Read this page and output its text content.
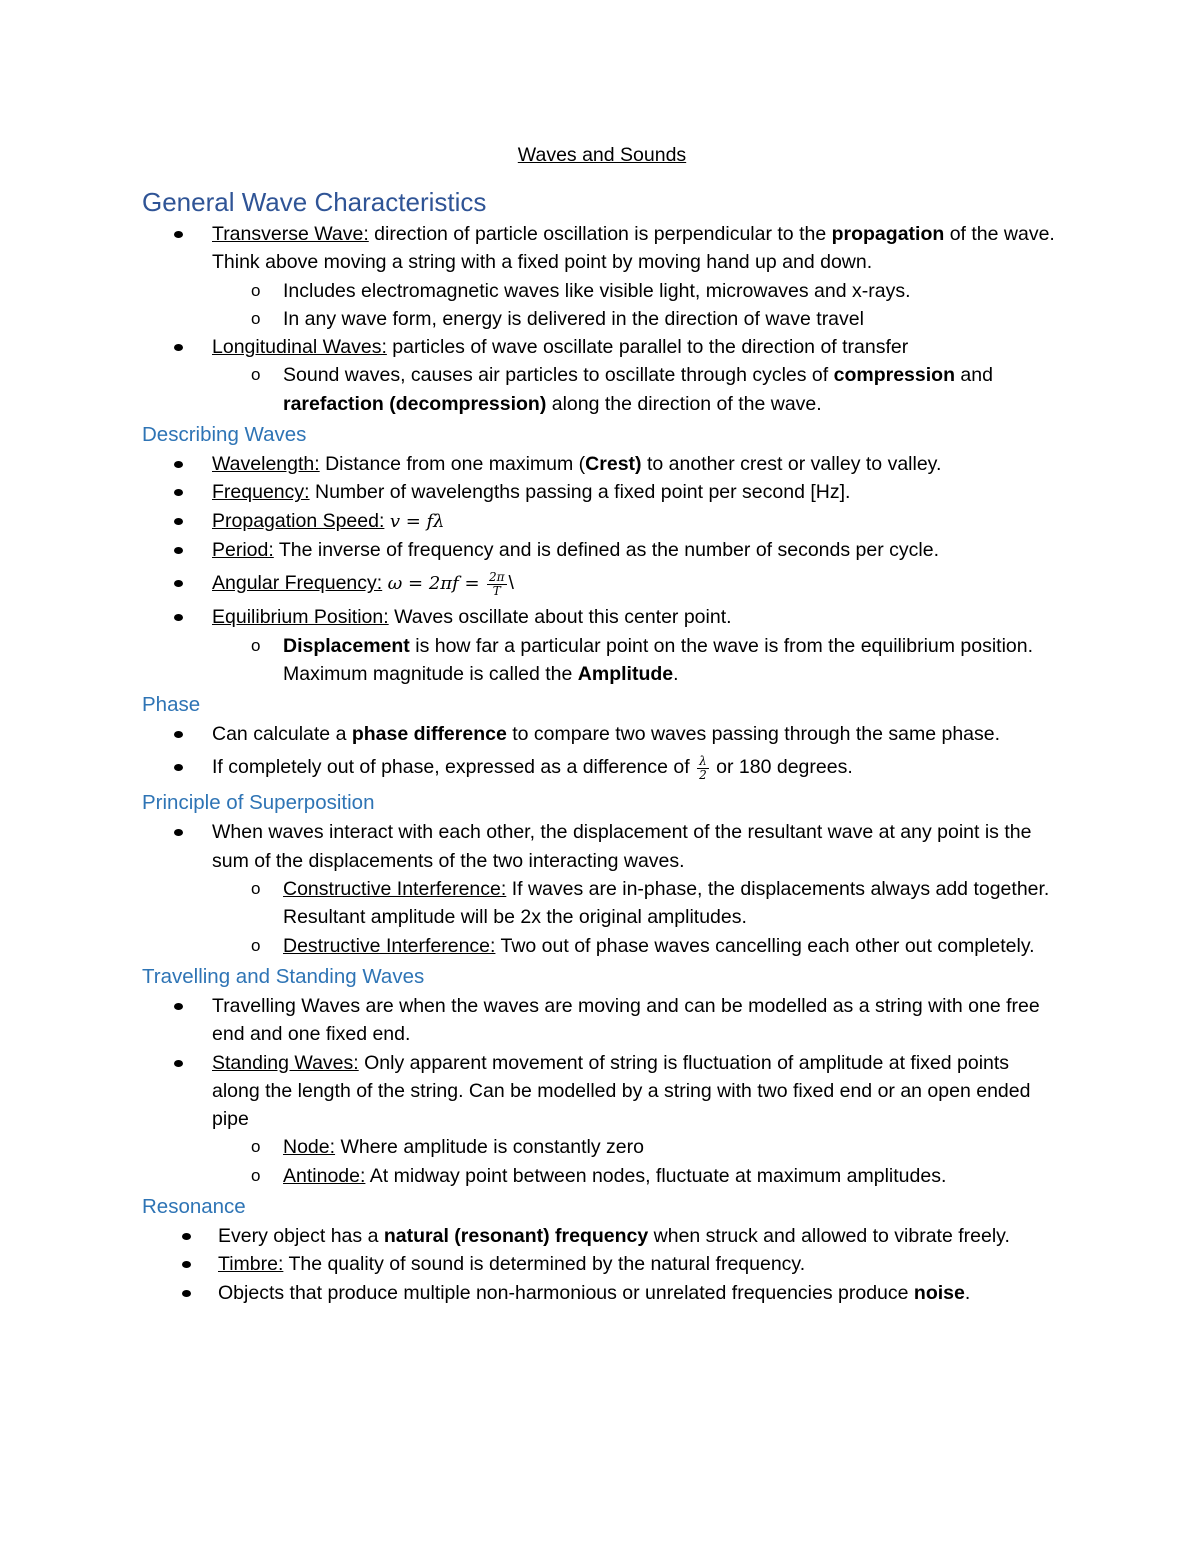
Waves and Sounds
General Wave Characteristics
Transverse Wave: direction of particle oscillation is perpendicular to the propagation of the wave. Think above moving a string with a fixed point by moving hand up and down.
o Includes electromagnetic waves like visible light, microwaves and x-rays.
o In any wave form, energy is delivered in the direction of wave travel
Longitudinal Waves: particles of wave oscillate parallel to the direction of transfer
o Sound waves, causes air particles to oscillate through cycles of compression and rarefaction (decompression) along the direction of the wave.
Describing Waves
Wavelength: Distance from one maximum (Crest) to another crest or valley to valley.
Frequency: Number of wavelengths passing a fixed point per second [Hz].
Propagation Speed: v = fλ
Period: The inverse of frequency and is defined as the number of seconds per cycle.
Angular Frequency: $\omega = 2\pi f = \frac{2\pi}{T}$ \
Equilibrium Position: Waves oscillate about this center point.
o Displacement is how far a particular point on the wave is from the equilibrium position. Maximum magnitude is called the Amplitude.
Phase
Can calculate a phase difference to compare two waves passing through the same phase.
If completely out of phase, expressed as a difference of $\frac{\lambda}{2}$ or 180 degrees.
Principle of Superposition
When waves interact with each other, the displacement of the resultant wave at any point is the sum of the displacements of the two interacting waves.
o Constructive Interference: If waves are in-phase, the displacements always add together. Resultant amplitude will be 2x the original amplitudes.
o Destructive Interference: Two out of phase waves cancelling each other out completely.
Travelling and Standing Waves
Travelling Waves are when the waves are moving and can be modelled as a string with one free end and one fixed end.
Standing Waves: Only apparent movement of string is fluctuation of amplitude at fixed points along the length of the string. Can be modelled by a string with two fixed end or an open ended pipe
o Node: Where amplitude is constantly zero
o Antinode: At midway point between nodes, fluctuate at maximum amplitudes.
Resonance
Every object has a natural (resonant) frequency when struck and allowed to vibrate freely.
Timbre: The quality of sound is determined by the natural frequency.
Objects that produce multiple non-harmonious or unrelated frequencies produce noise.
